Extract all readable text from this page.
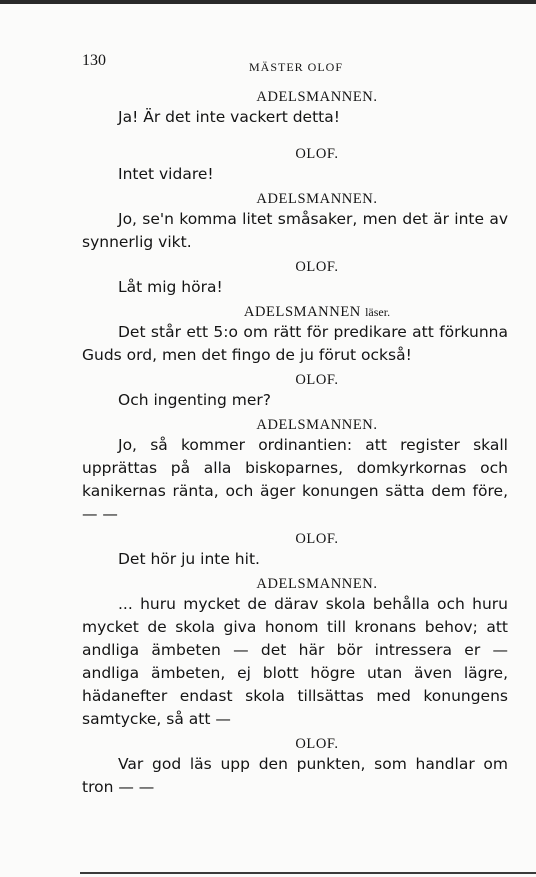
130	MÄSTER OLOF

ADELSMANNEN.

Ja! Är det inte vackert detta!

OLOF.

Intet vidare!

ADELSMANNEN.

Jo, se'n komma litet småsaker, men det är inte av synnerlig vikt.

OLOF.

Låt mig höra!

ADELSMANNEN läser.

Det står ett 5:o om rätt för predikare att förkunna Guds ord, men det fingo de ju förut också!

OLOF.

Och ingenting mer?

ADELSMANNEN.

Jo, så kommer ordinantien: att register skall upprättas på alla biskoparnes, domkyrkornas och kanikernas ränta, och äger konungen sätta dem före, — —

OLOF.

Det hör ju inte hit.

ADELSMANNEN.

... huru mycket de därav skola behålla och huru mycket de skola giva honom till kronans behov; att andliga ämbeten — det här bör intressera er — andliga ämbeten, ej blott högre utan även lägre, hädanefter endast skola tillsättas med konungens samtycke, så att —

OLOF.

Var god läs upp den punkten, som handlar om tron — —
